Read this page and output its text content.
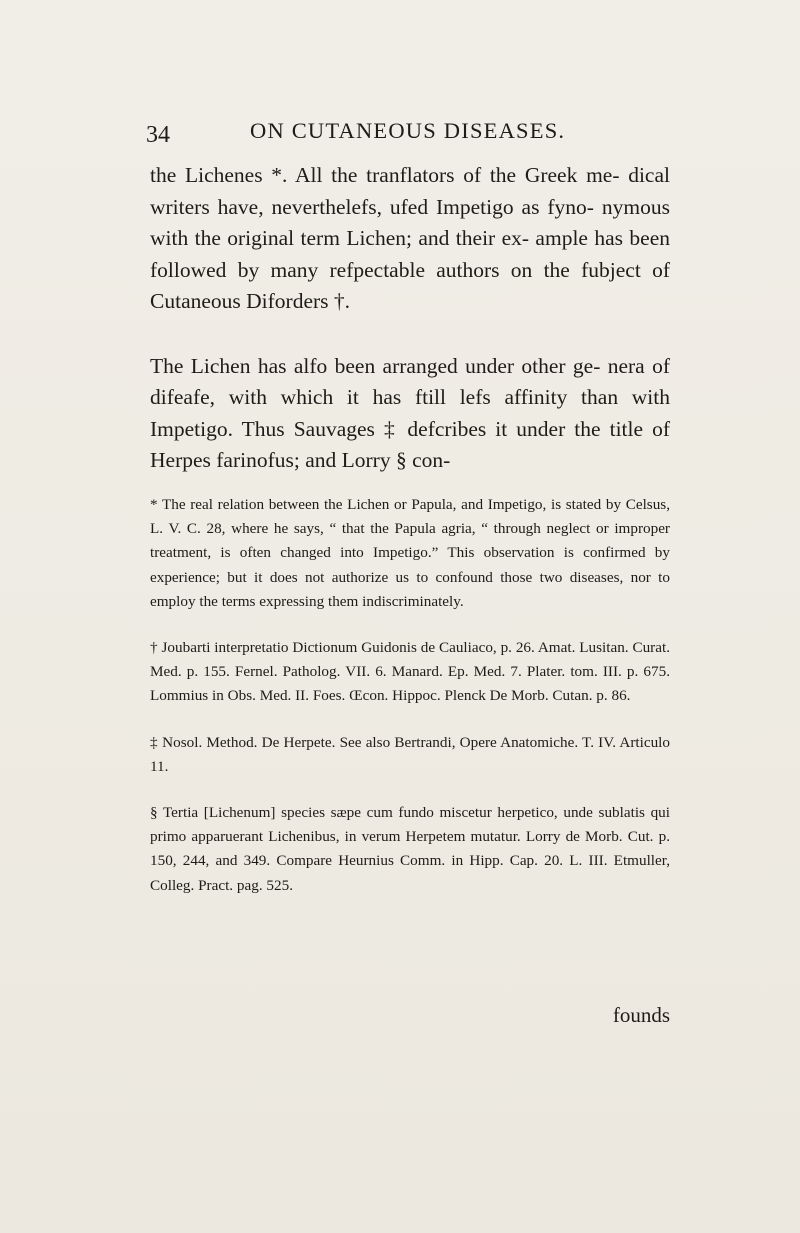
34	ON CUTANEOUS DISEASES.

the Lichenes *. All the tranflators of the Greek me- dical writers have, neverthelefs, ufed Impetigo as fyno- nymous with the original term Lichen; and their ex- ample has been followed by many refpectable authors on the fubject of Cutaneous Diforders †.

The Lichen has alfo been arranged under other ge- nera of difeafe, with which it has ftill lefs affinity than with Impetigo. Thus Sauvages ‡ defcribes it under the title of Herpes farinofus; and Lorry § con-

* The real relation between the Lichen or Papula, and Impetigo, is stated by Celsus, L. V. C. 28, where he says, “ that the Papula agria, “ through neglect or improper treatment, is often changed into Impetigo.” This observation is confirmed by experience; but it does not authorize us to confound those two diseases, nor to employ the terms expressing them indiscriminately.

† Joubarti interpretatio Dictionum Guidonis de Cauliaco, p. 26. Amat. Lusitan. Curat. Med. p. 155. Fernel. Patholog. VII. 6. Manard. Ep. Med. 7. Plater. tom. III. p. 675. Lommius in Obs. Med. II. Foes. Œcon. Hippoc. Plenck De Morb. Cutan. p. 86.

‡ Nosol. Method. De Herpete. See also Bertrandi, Opere Anatomiche. T. IV. Articulo 11.

§ Tertia [Lichenum] species sæpe cum fundo miscetur herpetico, unde sublatis qui primo apparuerant Lichenibus, in verum Herpetem mutatur. Lorry de Morb. Cut. p. 150, 244, and 349. Compare Heurnius Comm. in Hipp. Cap. 20. L. III. Etmuller, Colleg. Pract. pag. 525.

founds
